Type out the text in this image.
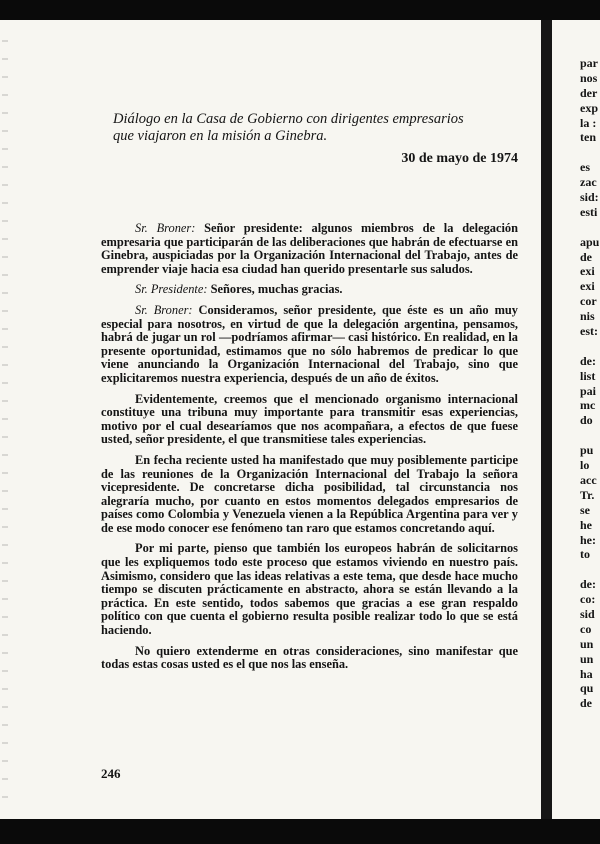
Diálogo en la Casa de Gobierno con dirigentes empresarios

que viajaron en la misión a Ginebra.

30 de mayo de 1974

Sr. Broner: Señor presidente: algunos miembros de la delegación empresaria que participarán de las deliberaciones que habrán de efectuarse en Ginebra, auspiciadas por la Organización Internacional del Trabajo, antes de emprender viaje hacia esa ciudad han querido presentarle sus saludos.

Sr. Presidente: Señores, muchas gracias.

Sr. Broner: Consideramos, señor presidente, que éste es un año muy especial para nosotros, en virtud de que la delegación argentina, pensamos, habrá de jugar un rol —podríamos afirmar— casi histórico. En realidad, en la presente oportunidad, estimamos que no sólo habremos de predicar lo que viene anunciando la Organización Internacional del Trabajo, sino que explicitaremos nuestra experiencia, después de un año de éxitos.

Evidentemente, creemos que el mencionado organismo internacional constituye una tribuna muy importante para transmitir esas experiencias, motivo por el cual desearíamos que nos acompañara, a efectos de que fuese usted, señor presidente, el que transmitiese tales experiencias.

En fecha reciente usted ha manifestado que muy posiblemente participe de las reuniones de la Organización Internacional del Trabajo la señora vicepresidente. De concretarse dicha posibilidad, tal circunstancia nos alegraría mucho, por cuanto en estos momentos delegados empresarios de países como Colombia y Venezuela vienen a la República Argentina para ver y de ese modo conocer ese fenómeno tan raro que estamos concretando aquí.

Por mi parte, pienso que también los europeos habrán de solicitarnos que les expliquemos todo este proceso que estamos viviendo en nuestro país. Asimismo, considero que las ideas relativas a este tema, que desde hace mucho tiempo se discuten prácticamente en abstracto, ahora se están llevando a la práctica. En este sentido, todos sabemos que gracias a ese gran respaldo político con que cuenta el gobierno resulta posible realizar todo lo que se está haciendo.

No quiero extenderme en otras consideraciones, sino manifestar que todas estas cosas usted es el que nos las enseña.

246
par
nos
der
exp
la :
ten
es
zac
sid:
esti
apu
de
exi
exi
cor
nis
est:
de:
list
pai
mc
do
pu
lo
acc
Tr.
se
he
he:
to
de:
co:
sid
co
un
un
ha
qu
de
